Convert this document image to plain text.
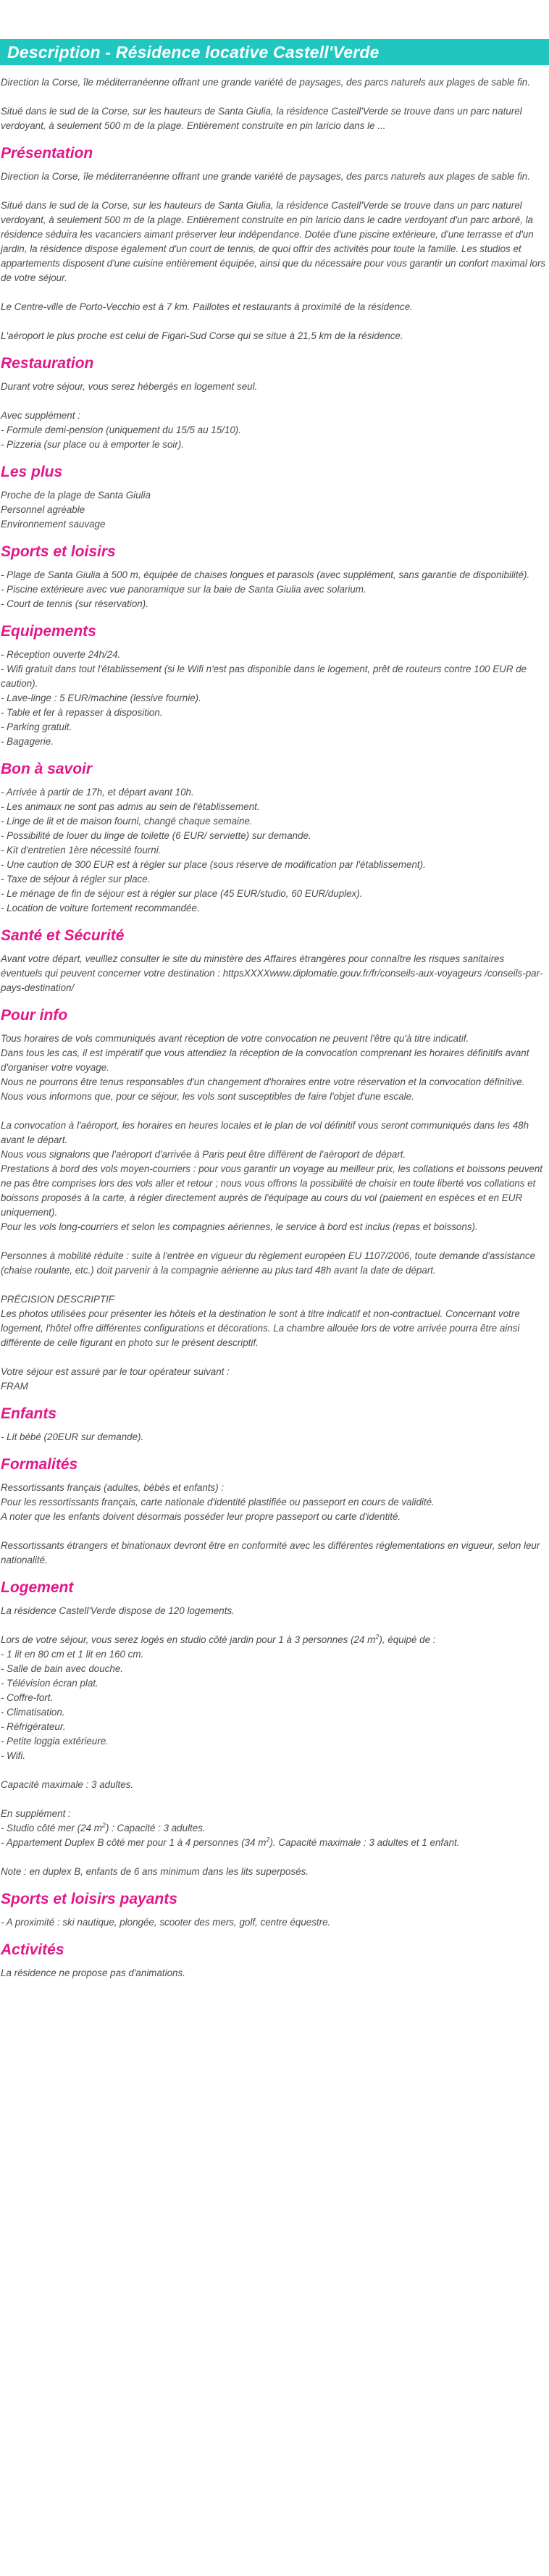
Description - Résidence locative Castell'Verde

Direction la Corse, île méditerranéenne offrant une grande variété de paysages, des parcs naturels aux plages de sable fin.

Situé dans le sud de la Corse, sur les hauteurs de Santa Giulia, la résidence Castell'Verde se trouve dans un parc naturel verdoyant, à seulement 500 m de la plage. Entièrement construite en pin laricio dans le ...

Présentation

Direction la Corse, île méditerranéenne offrant une grande variété de paysages, des parcs naturels aux plages de sable fin.

Situé dans le sud de la Corse, sur les hauteurs de Santa Giulia, la résidence Castell'Verde se trouve dans un parc naturel verdoyant, à seulement 500 m de la plage. Entièrement construite en pin laricio dans le cadre verdoyant d'un parc arboré, la résidence séduira les vacanciers aimant préserver leur indépendance. Dotée d'une piscine extérieure, d'une terrasse et d'un jardin, la résidence dispose également d'un court de tennis, de quoi offrir des activités pour toute la famille. Les studios et appartements disposent d'une cuisine entièrement équipée, ainsi que du nécessaire pour vous garantir un confort maximal lors de votre séjour.

Le Centre-ville de Porto-Vecchio est à 7 km. Paillotes et restaurants à proximité de la résidence.

L'aéroport le plus proche est celui de Figari-Sud Corse qui se situe à 21,5 km de la résidence.

Restauration

Durant votre séjour, vous serez hébergés en logement seul.

Avec supplément :
- Formule demi-pension (uniquement du 15/5 au 15/10).
- Pizzeria (sur place ou à emporter le soir).

Les plus

Proche de la plage de Santa Giulia
Personnel agréable
Environnement sauvage

Sports et loisirs

- Plage de Santa Giulia à 500 m, équipée de chaises longues et parasols (avec supplément, sans garantie de disponibilité).
- Piscine extérieure avec vue panoramique sur la baie de Santa Giulia avec solarium.
- Court de tennis (sur réservation).

Equipements

- Réception ouverte 24h/24.
- Wifi gratuit dans tout l'établissement (si le Wifi n'est pas disponible dans le logement, prêt de routeurs contre 100 EUR de caution).
- Lave-linge : 5 EUR/machine (lessive fournie).
- Table et fer à repasser à disposition.
- Parking gratuit.
- Bagagerie.

Bon à savoir

- Arrivée à partir de 17h, et départ avant 10h.
- Les animaux ne sont pas admis au sein de l'établissement.
- Linge de lit et de maison fourni, changé chaque semaine.
- Possibilité de louer du linge de toilette (6 EUR/ serviette) sur demande.
- Kit d'entretien 1ère nécessité fourni.
- Une caution de 300 EUR est à régler sur place (sous réserve de modification par l'établissement).
- Taxe de séjour à régler sur place.
- Le ménage de fin de séjour est à régler sur place (45 EUR/studio, 60 EUR/duplex).
- Location de voiture fortement recommandée.

Santé et Sécurité

Avant votre départ, veuillez consulter le site du ministère des Affaires étrangères pour connaître les risques sanitaires éventuels qui peuvent concerner votre destination : httpsXXXXwww.diplomatie.gouv.fr/fr/conseils-aux-voyageurs /conseils-par-pays-destination/

Pour info

Tous horaires de vols communiqués avant réception de votre convocation ne peuvent l'être qu'à titre indicatif.
Dans tous les cas, il est impératif que vous attendiez la réception de la convocation comprenant les horaires définitifs avant d'organiser votre voyage.
Nous ne pourrons être tenus responsables d'un changement d'horaires entre votre réservation et la convocation définitive.
Nous vous informons que, pour ce séjour, les vols sont susceptibles de faire l'objet d'une escale.

La convocation à l'aéroport, les horaires en heures locales et le plan de vol définitif vous seront communiqués dans les 48h avant le départ.
Nous vous signalons que l'aéroport d'arrivée à Paris peut être différent de l'aéroport de départ.
Prestations à bord des vols moyen-courriers : pour vous garantir un voyage au meilleur prix, les collations et boissons peuvent ne pas être comprises lors des vols aller et retour ; nous vous offrons la possibilité de choisir en toute liberté vos collations et boissons proposés à la carte, à régler directement auprès de l'équipage au cours du vol (paiement en espèces et en EUR uniquement).
Pour les vols long-courriers et selon les compagnies aériennes, le service à bord est inclus (repas et boissons).

Personnes à mobilité réduite : suite à l'entrée en vigueur du règlement européen EU 1107/2006, toute demande d'assistance (chaise roulante, etc.) doit parvenir à la compagnie aérienne au plus tard 48h avant la date de départ.

PRÉCISION DESCRIPTIF
Les photos utilisées pour présenter les hôtels et la destination le sont à titre indicatif et non-contractuel. Concernant votre logement, l'hôtel offre différentes configurations et décorations. La chambre allouée lors de votre arrivée pourra être ainsi différente de celle figurant en photo sur le présent descriptif.

Votre séjour est assuré par le tour opérateur suivant :
FRAM

Enfants

- Lit bébé (20EUR sur demande).

Formalités

Ressortissants français (adultes, bébés et enfants) :
Pour les ressortissants français, carte nationale d'identité plastifiée ou passeport en cours de validité.
A noter que les enfants doivent désormais posséder leur propre passeport ou carte d'identité.

Ressortissants étrangers et binationaux devront être en conformité avec les différentes réglementations en vigueur, selon leur nationalité.

Logement

La résidence Castell'Verde dispose de 120 logements.

Lors de votre séjour, vous serez logés en studio côté jardin pour 1 à 3 personnes (24 $m^2$), équipé de :

- 1 lit en 80 cm et 1 lit en 160 cm.
- Salle de bain avec douche.
- Télévision écran plat.
- Coffre-fort.
- Climatisation.
- Réfrigérateur.
- Petite loggia extérieure.
- Wifi.

Capacité maximale : 3 adultes.

En supplément :

- Studio côté mer (24 $m^2$) : Capacité : 3 adultes.

- Appartement Duplex B côté mer pour 1 à 4 personnes (34 $m^2$). Capacité maximale : 3 adultes et 1 enfant.

Note : en duplex B, enfants de 6 ans minimum dans les lits superposés.

Sports et loisirs payants

- A proximité : ski nautique, plongée, scooter des mers, golf, centre équestre.

Activités

La résidence ne propose pas d'animations.
